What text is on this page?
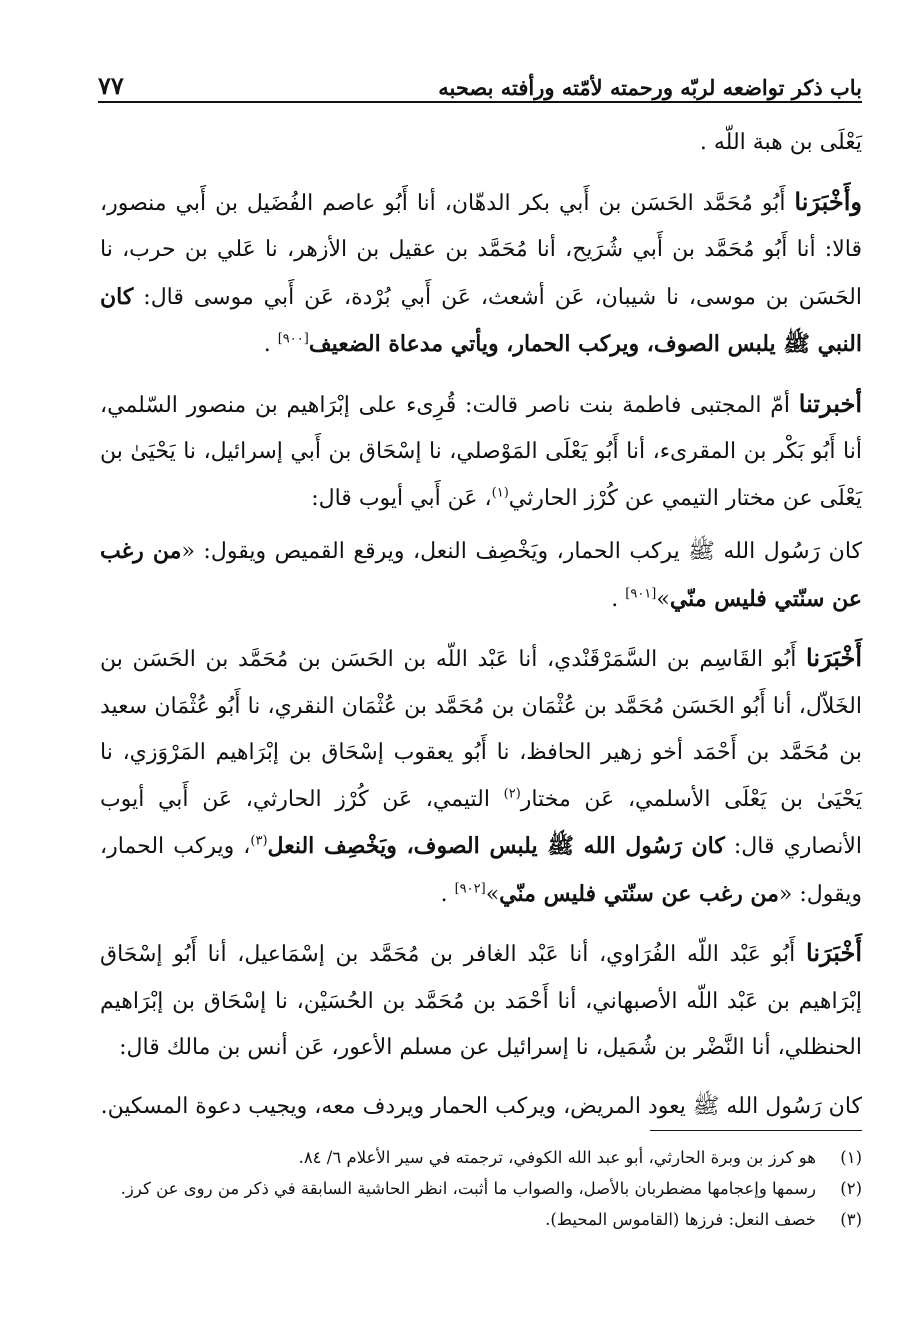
باب ذكر تواضعه لربّه ورحمته لأمّته ورأفته بصحبه
٧٧

يَعْلَى بن هبة اللّه .

وأَخْبَرَنا أَبُو مُحَمَّد الحَسَن بن أَبي بكر الدهّان، أنا أَبُو عاصم الفُضَيل بن أَبي منصور، قالا: أنا أَبُو مُحَمَّد بن أَبي شُرَيح، أنا مُحَمَّد بن عقيل بن الأزهر، نا عَلي بن حرب، نا الحَسَن بن موسى، نا شيبان، عَن أشعث، عَن أَبي بُرْدة، عَن أَبي موسى قال: كان النبي ﷺ يلبس الصوف، ويركب الحمار، ويأتي مدعاة الضعيف[٩٠٠] .

أخبرتنا أمّ المجتبى فاطمة بنت ناصر قالت: قُرِىء على إبْرَاهيم بن منصور السّلمي، أنا أَبُو بَكْر بن المقرىء، أنا أَبُو يَعْلَى المَوْصلي، نا إسْحَاق بن أَبي إسرائيل، نا يَحْيَىٰ بن يَعْلَى عن مختار التيمي عن كُرْز الحارثي$^{(١)}$، عَن أَبي أيوب قال:

كان رَسُول الله ﷺ يركب الحمار، ويَخْصِف النعل، ويرقع القميص ويقول: «من رغب عن سنّتي فليس منّي»[٩٠١] .

أَخْبَرَنا أَبُو القَاسِم بن السَّمَرْقَنْدي، أنا عَبْد اللّه بن الحَسَن بن مُحَمَّد بن الحَسَن بن الخَلاّل، أنا أَبُو الحَسَن مُحَمَّد بن عُثْمَان بن مُحَمَّد بن عُثْمَان النقري، نا أَبُو عُثْمَان سعيد بن مُحَمَّد بن أَحْمَد أخو زهير الحافظ، نا أَبُو يعقوب إسْحَاق بن إبْرَاهيم المَرْوَزي، نا يَحْيَىٰ بن يَعْلَى الأسلمي، عَن مختار$^{(٢)}$ التيمي، عَن كُرْز الحارثي، عَن أَبي أيوب الأنصاري قال: كان رَسُول الله ﷺ يلبس الصوف، ويَخْصِف النعل$^{(٣)}$، ويركب الحمار، ويقول: «من رغب عن سنّتي فليس منّي»[٩٠٢] .

أَخْبَرَنا أَبُو عَبْد اللّه الفُرَاوي، أنا عَبْد الغافر بن مُحَمَّد بن إسْمَاعيل، أنا أَبُو إسْحَاق إبْرَاهيم بن عَبْد اللّه الأصبهاني، أنا أَحْمَد بن مُحَمَّد بن الحُسَيْن، نا إسْحَاق بن إبْرَاهيم الحنظلي، أنا النَّضْر بن شُمَيل، نا إسرائيل عن مسلم الأعور، عَن أنس بن مالك قال:

كان رَسُول الله ﷺ يعود المريض، ويركب الحمار ويردف معه، ويجيب دعوة المسكين.

(١)
هو كرز بن وبرة الحارثي، أبو عبد الله الكوفي، ترجمته في سير الأعلام ٦/ ٨٤.

(٢)
رسمها وإعجامها مضطربان بالأصل، والصواب ما أثبت، انظر الحاشية السابقة في ذكر من روى عن كرز.

(٣)
خصف النعل: فرزها (القاموس المحيط).
